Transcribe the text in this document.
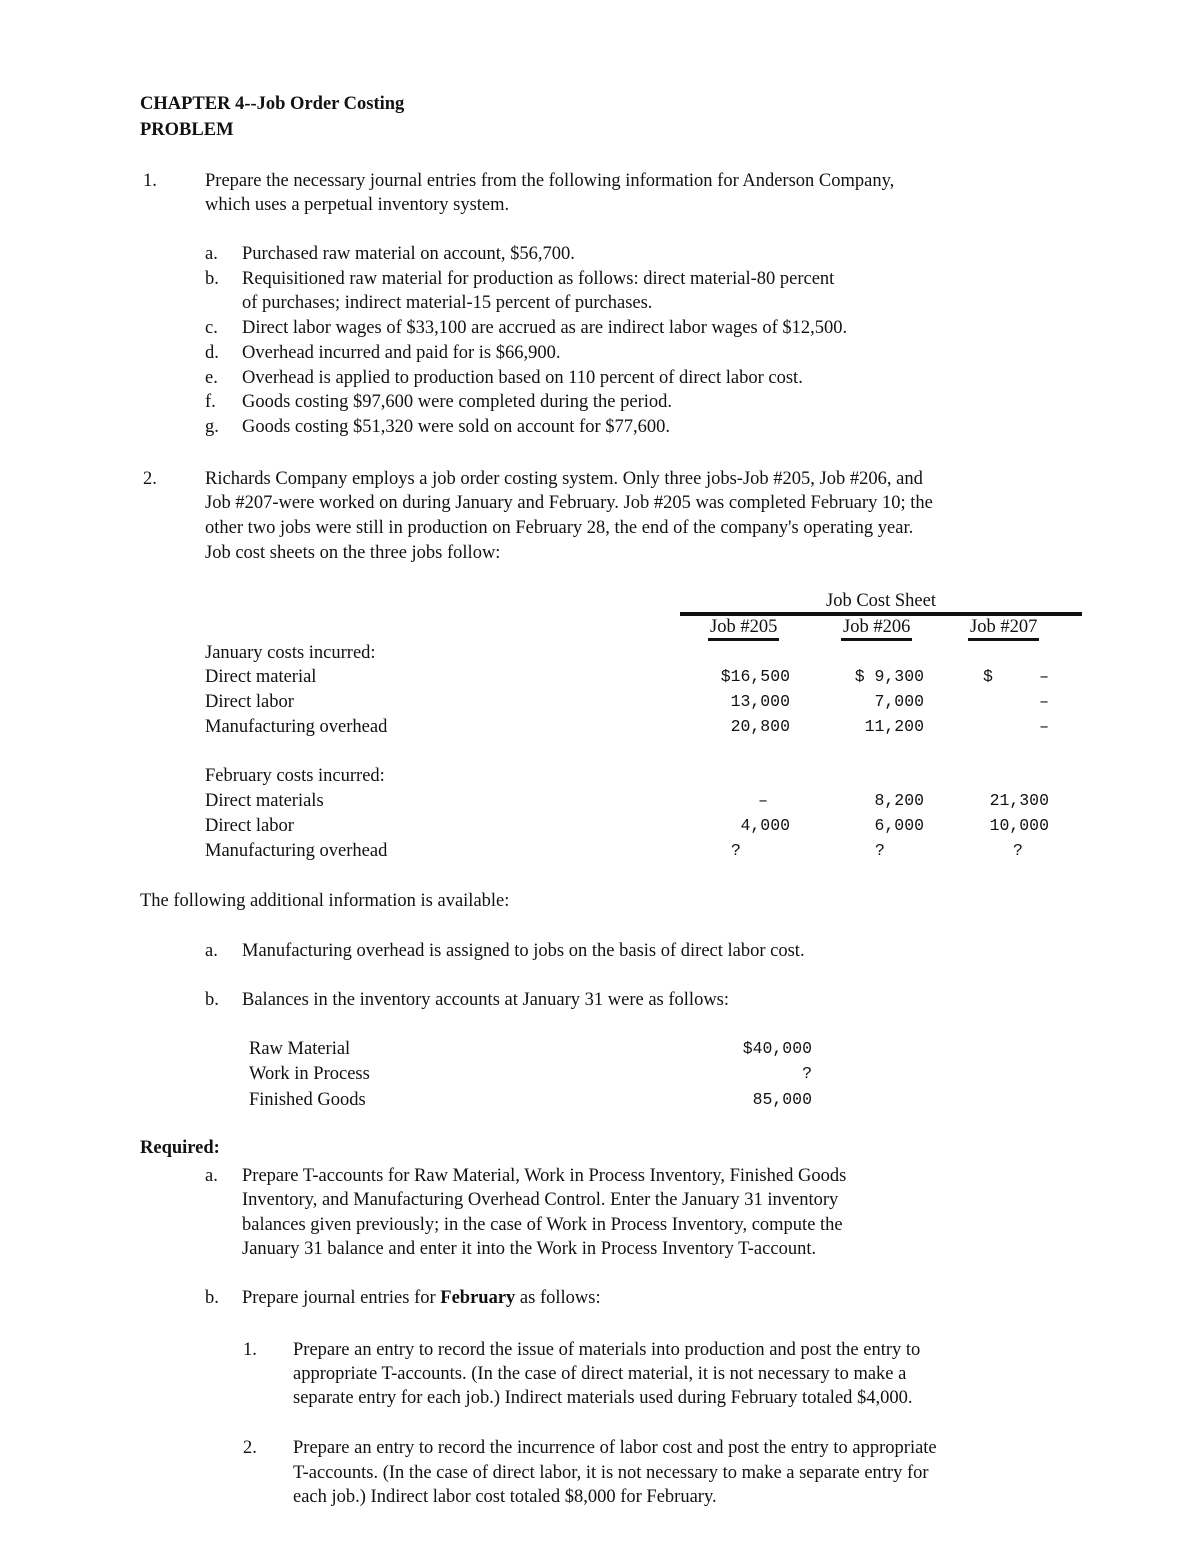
CHAPTER 4--Job Order Costing
PROBLEM
1.	Prepare the necessary journal entries from the following information for Anderson Company,
which uses a perpetual inventory system.
a. Purchased raw material on account, $56,700.
b. Requisitioned raw material for production as follows: direct material-80 percent
of purchases; indirect material-15 percent of purchases.
c. Direct labor wages of $33,100 are accrued as are indirect labor wages of $12,500.
d. Overhead incurred and paid for is $66,900.
e. Overhead is applied to production based on 110 percent of direct labor cost.
f. Goods costing $97,600 were completed during the period.
g. Goods costing $51,320 were sold on account for $77,600.
2.	Richards Company employs a job order costing system. Only three jobs-Job #205, Job #206, and
Job #207-were worked on during January and February. Job #205 was completed February 10; the
other two jobs were still in production on February 28, the end of the company's operating year.
Job cost sheets on the three jobs follow:
Job Cost Sheet
Job #205	Job #206	Job #207
January costs incurred:
Direct material	$16,500	$ 9,300	$	–
Direct labor	13,000	7,000	–
Manufacturing overhead	20,800	11,200	–
February costs incurred:
Direct materials	–	8,200	21,300
Direct labor	4,000	6,000	10,000
Manufacturing overhead	?	?	?
The following additional information is available:
a. Manufacturing overhead is assigned to jobs on the basis of direct labor cost.
b. Balances in the inventory accounts at January 31 were as follows:
Raw Material	$40,000
Work in Process	?
Finished Goods	85,000
Required:
a. Prepare T-accounts for Raw Material, Work in Process Inventory, Finished Goods
Inventory, and Manufacturing Overhead Control. Enter the January 31 inventory
balances given previously; in the case of Work in Process Inventory, compute the
January 31 balance and enter it into the Work in Process Inventory T-account.
b. Prepare journal entries for February as follows:
1. Prepare an entry to record the issue of materials into production and post the entry to
appropriate T-accounts. (In the case of direct material, it is not necessary to make a
separate entry for each job.) Indirect materials used during February totaled $4,000.
2. Prepare an entry to record the incurrence of labor cost and post the entry to appropriate
T-accounts. (In the case of direct labor, it is not necessary to make a separate entry for
each job.) Indirect labor cost totaled $8,000 for February.
